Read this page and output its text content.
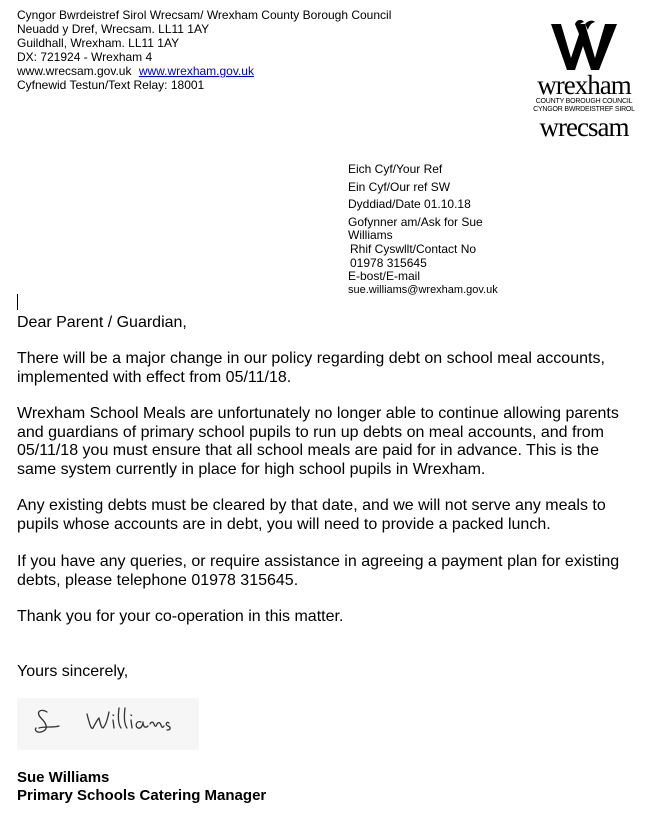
Cyngor Bwrdeistref Sirol Wrecsam/ Wrexham County Borough Council
Neuadd y Dref, Wrecsam. LL11 1AY
Guildhall, Wrexham. LL11 1AY
DX: 721924 - Wrexham 4
www.wrecsam.gov.uk www.wrexham.gov.uk
Cyfnewid Testun/Text Relay: 18001	wrexham
COUNTY BOROUGH COUNCIL
CYNGOR BWRDEISTREF SIROL
wrecsam
Eich Cyf/Your Ref
Ein Cyf/Our ref SW
Dyddiad/Date 01.10.18
Gofynner am/Ask for Sue
Williams
Rhif Cyswllt/Contact No
01978 315645
E-bost/E-mail
sue.williams@wrexham.gov.uk

Dear Parent / Guardian,

There will be a major change in our policy regarding debt on school meal accounts, implemented with effect from 05/11/18.

Wrexham School Meals are unfortunately no longer able to continue allowing parents and guardians of primary school pupils to run up debts on meal accounts, and from 05/11/18 you must ensure that all school meals are paid for in advance. This is the same system currently in place for high school pupils in Wrexham.

Any existing debts must be cleared by that date, and we will not serve any meals to pupils whose accounts are in debt, you will need to provide a packed lunch.

If you have any queries, or require assistance in agreeing a payment plan for existing debts, please telephone 01978 315645.

Thank you for your co-operation in this matter.

Yours sincerely,

Sue Williams
Primary Schools Catering Manager
